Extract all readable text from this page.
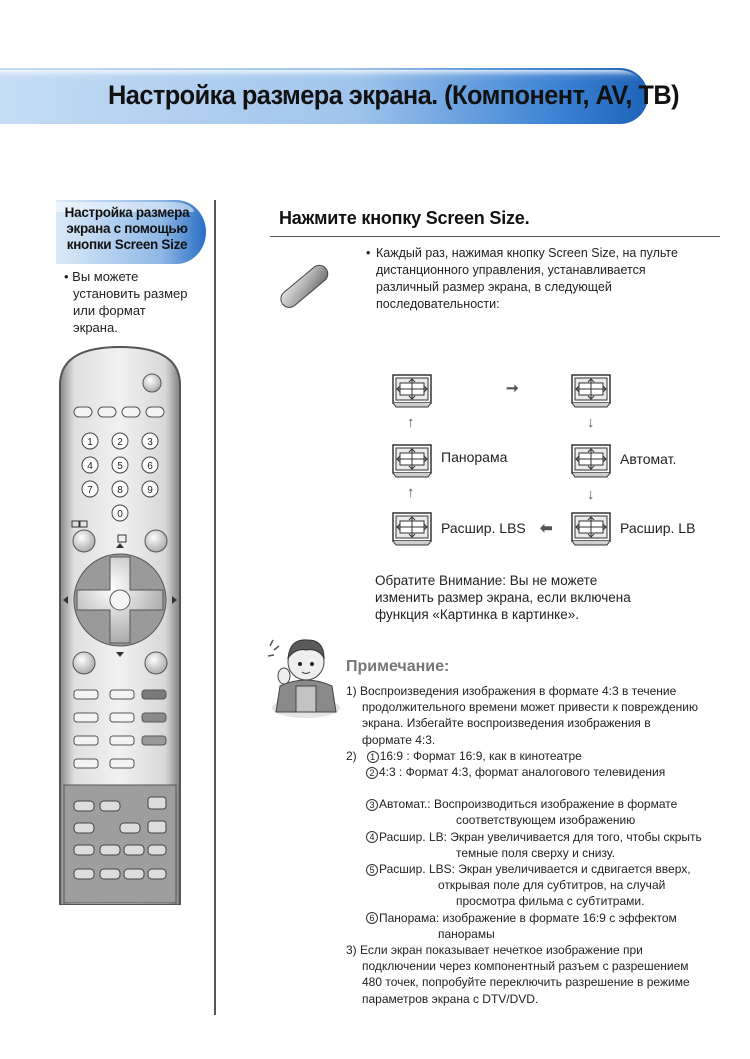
Настройка размера экрана. (Компонент, AV, ТВ)
Настройка размера
экрана с помощью
кнопки Screen Size
• Вы можете
установить размер
или формат
экрана.
1 2 3
4 5 6
7 8 9
0
Нажмите кнопку Screen Size.
• Каждый раз, нажимая кнопку Screen Size, на пульте
дистанционного управления, устанавливается
различный размер экрана, в следующей
последовательности:
➞
↓
↓
⬅
↑
↑
Панорама	Автомат.
Расшир. LBS	Расшир. LB
Обратите Внимание: Вы не можете
изменить размер экрана, если включена
функция «Картинка в картинке».
Примечание:
1) Воспроизведения изображения в формате 4:3 в течение
продолжительного времени может привести к повреждению
экрана. Избегайте воспроизведения изображения в
формате 4:3.
2) 1 16:9 : Формат 16:9, как в кинотеатре
2 4:3 : Формат 4:3, формат аналогового телевидения
3 Автомат.: Воспроизводиться изображение в формате
соответствующем изображению
4 Расшир. LB: Экран увеличивается для того, чтобы скрыть
темные поля сверху и снизу.
5 Расшир. LBS: Экран увеличивается и сдвигается вверх,
открывая поле для субтитров, на случай
просмотра фильма с субтитрами.
6 Панорама: изображение в формате 16:9 с эффектом
панорамы
3) Если экран показывает нечеткое изображение при
подключении через компонентный разъем с разрешением
480 точек, попробуйте переключить разрешение в режиме
параметров экрана с DTV/DVD.
